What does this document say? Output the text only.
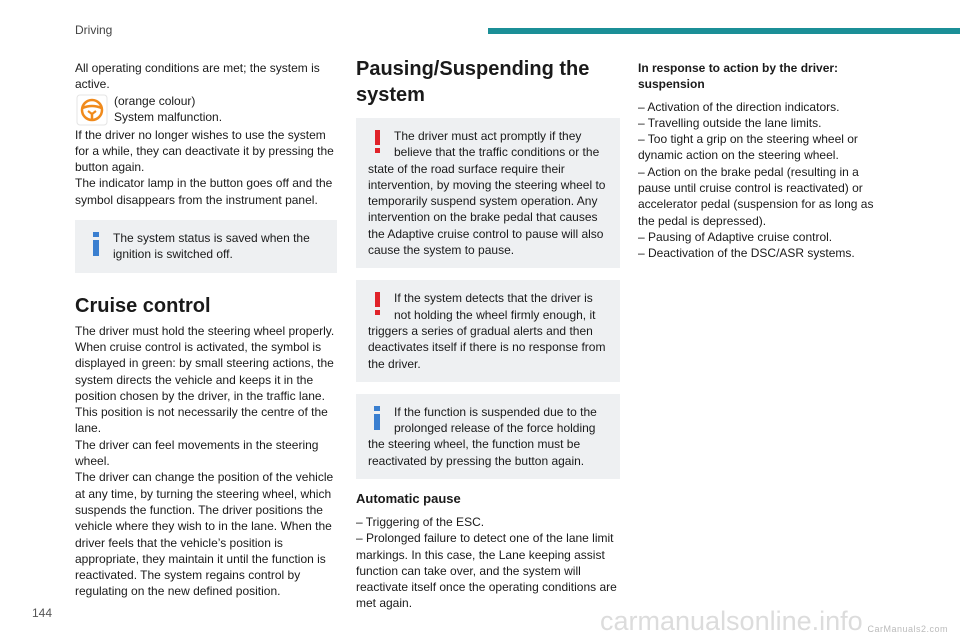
Driving

All operating conditions are met; the system is active.

(orange colour)
System malfunction.

If the driver no longer wishes to use the system for a while, they can deactivate it by pressing the button again.
The indicator lamp in the button goes off and the symbol disappears from the instrument panel.

The system status is saved when the ignition is switched off.

Cruise control

The driver must hold the steering wheel properly.
When cruise control is activated, the symbol is displayed in green: by small steering actions, the system directs the vehicle and keeps it in the position chosen by the driver, in the traffic lane.
This position is not necessarily the centre of the lane.
The driver can feel movements in the steering wheel.
The driver can change the position of the vehicle at any time, by turning the steering wheel, which suspends the function. The driver positions the vehicle where they wish to in the lane. When the driver feels that the vehicle’s position is appropriate, they maintain it until the function is reactivated. The system regains control by regulating on the new defined position.

Pausing/Suspending the system

The driver must act promptly if they believe that the traffic conditions or the state of the road surface require their intervention, by moving the steering wheel to temporarily suspend system operation. Any intervention on the brake pedal that causes the Adaptive cruise control to pause will also cause the system to pause.

If the system detects that the driver is not holding the wheel firmly enough, it triggers a series of gradual alerts and then deactivates itself if there is no response from the driver.

If the function is suspended due to the prolonged release of the force holding the steering wheel, the function must be reactivated by pressing the button again.

Automatic pause
– Triggering of the ESC.
– Prolonged failure to detect one of the lane limit markings. In this case, the Lane keeping assist function can take over, and the system will reactivate itself once the operating conditions are met again.
In response to action by the driver: suspension
– Activation of the direction indicators.
– Travelling outside the lane limits.
– Too tight a grip on the steering wheel or dynamic action on the steering wheel.
– Action on the brake pedal (resulting in a pause until cruise control is reactivated) or accelerator pedal (suspension for as long as the pedal is depressed).
– Pausing of Adaptive cruise control.
– Deactivation of the DSC/ASR systems.
144
CarManuals2.com
carmanualsonline.info
